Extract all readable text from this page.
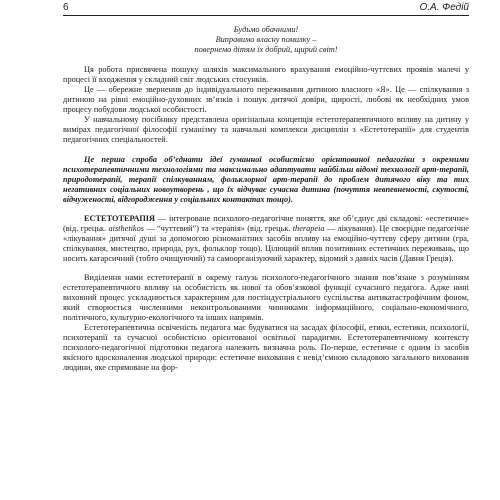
6	О.А. Федій
Будьмо обачними!
Виправимо власну помилку –
повернемо дітям їх добрий, щирий світ!

Ця робота присвячена пошуку шляхів максимального врахування емоційно-чуттєвих проявів малечі у процесі її входження у складний світ людських стосунків.

Це — обережне звернення до індивідуального переживання дитиною власного «Я». Це — спілкування з дитиною на рівні емоційно-духовних зв’язків і пошук дитячої довіри, щирості, любові як необхідних умов процесу побудови людської особистості.

У навчальному посібнику представлена оригінальна концепція естетотерапевтичного впливу на дитину у вимірах педагогічної філософії гуманізму та навчальні комплекси дисциплін з «Естетотерапії» для студентів педагогічних спеціальностей.

Це перша спроба об’єднати ідеї гуманної особистісно орієнтованої педагогіки з окремими психотерапевтичними технологіями та максимально адаптувати найбільш відомі технології арт-терапії, природотерапії, терапії спілкуванням, фольклорної арт-терапії до проблем дитячого віку та тих негативних соціальних новоутворень , що їх відчуває сучасна дитина (почуття невпевненості, скутості, відчуженості, відгородження у соціальних контактах тощо).

ЕСТЕТОТЕРАПІЯ — інтегроване психолого-педагогічне поняття, яке об’єднує дві складові: «естетичне» (від. грецьк. aisthetikos — “чуттєвий”) та «терапія» (від. грецьк. therapeia — лікування). Це своєрідне педагогічне «лікування» дитячої душі за допомогою різноманітних засобів впливу на емоційно-чуттєву сферу дитини (гра, спілкування, мистецтво, природа, рух, фольклор тощо). Цілющий вплив позитивних естетичних переживань, що носить катарсичний (тобто очищуючий) та самоорганізуючий характер, відомий з давніх часів (Давня Греція).

Виділення нами естетотерапії в окрему галузь психолого-педагогічного знання пов’язане з розумінням естетотерапевтичного впливу на особистість як нової та обов’язкової функції сучасного педагога. Адже нині виховний процес ускладнюється характерним для постіндустріального суспільства антикатастрофічним фоном, який створюється численними неконтрольованими чинниками інформаційного, соціально-економічного, політичного, культурно-екологічного та інших напрямів.

Естетотерапевтична освіченість педагога має будуватися на засадах філософії, етики, естетики, психології, психотерапії та сучасної особистісно орієнтованої освітньої парадигми. Естетотерапевтичному контексту психолого-педагогічної підготовки педагога належить визначна роль. По-перше, естетичне є одним із засобів якісного вдосконалення людської природи: естетичне виховання є невід’ємною складовою загального виховання людини, яке спрямоване на фор-
